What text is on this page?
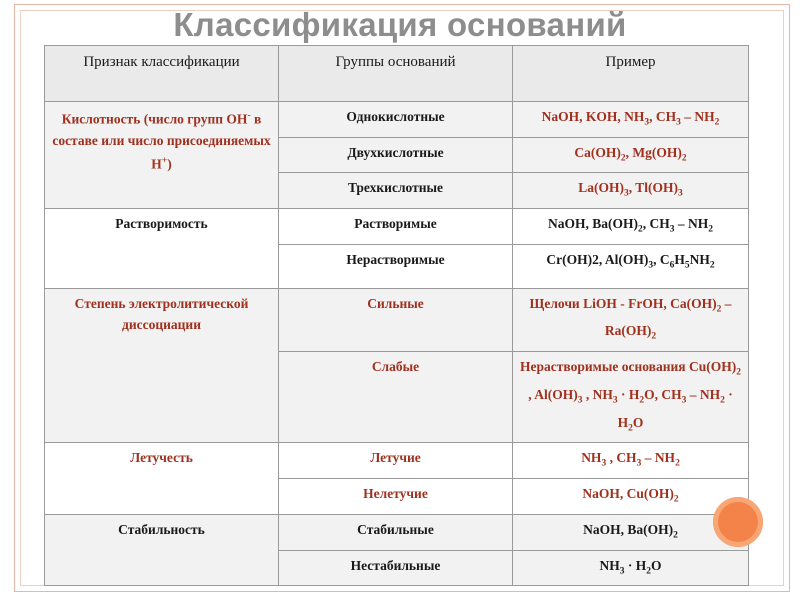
Классификация оснований
Признак классификации	Группы оснований	Пример
Кислотность (число групп OH- в составе или число присоединяемых H+)	Однокислотные	NaOH, KOH, $NH_3$, $CH_3 - NH_2$
	Двухкислотные	$Ca(OH)_2$, $Mg(OH)_2$
	Трехкислотные	$La(OH)_3$, $Tl(OH)_3$
Растворимость	Растворимые	NaOH, $Ba(OH)_2$, $CH_3 - NH_2$
	Нерастворимые	Cr(OH)2, $Al(OH)_3$, $C_6H_5NH_2$
Степень электролитической диссоциации	Сильные	Щелочи LiOH - FrOH, $Ca(OH)_2$ $-Ra(OH)_2$
	Слабые	Нерастворимые основания $Cu(OH)_2$ , $Al(OH)_3$ , $NH_3 \cdot H_2O$, $CH_3 - NH_2 \cdot H_2O$
Летучесть	Летучие	$NH_3$ , $CH_3 - NH_2$
	Нелетучие	NaOH, $Cu(OH)_2$
Стабильность	Стабильные	NaOH, $Ba(OH)_2$
	Нестабильные	$NH_3 \cdot H_2O$
